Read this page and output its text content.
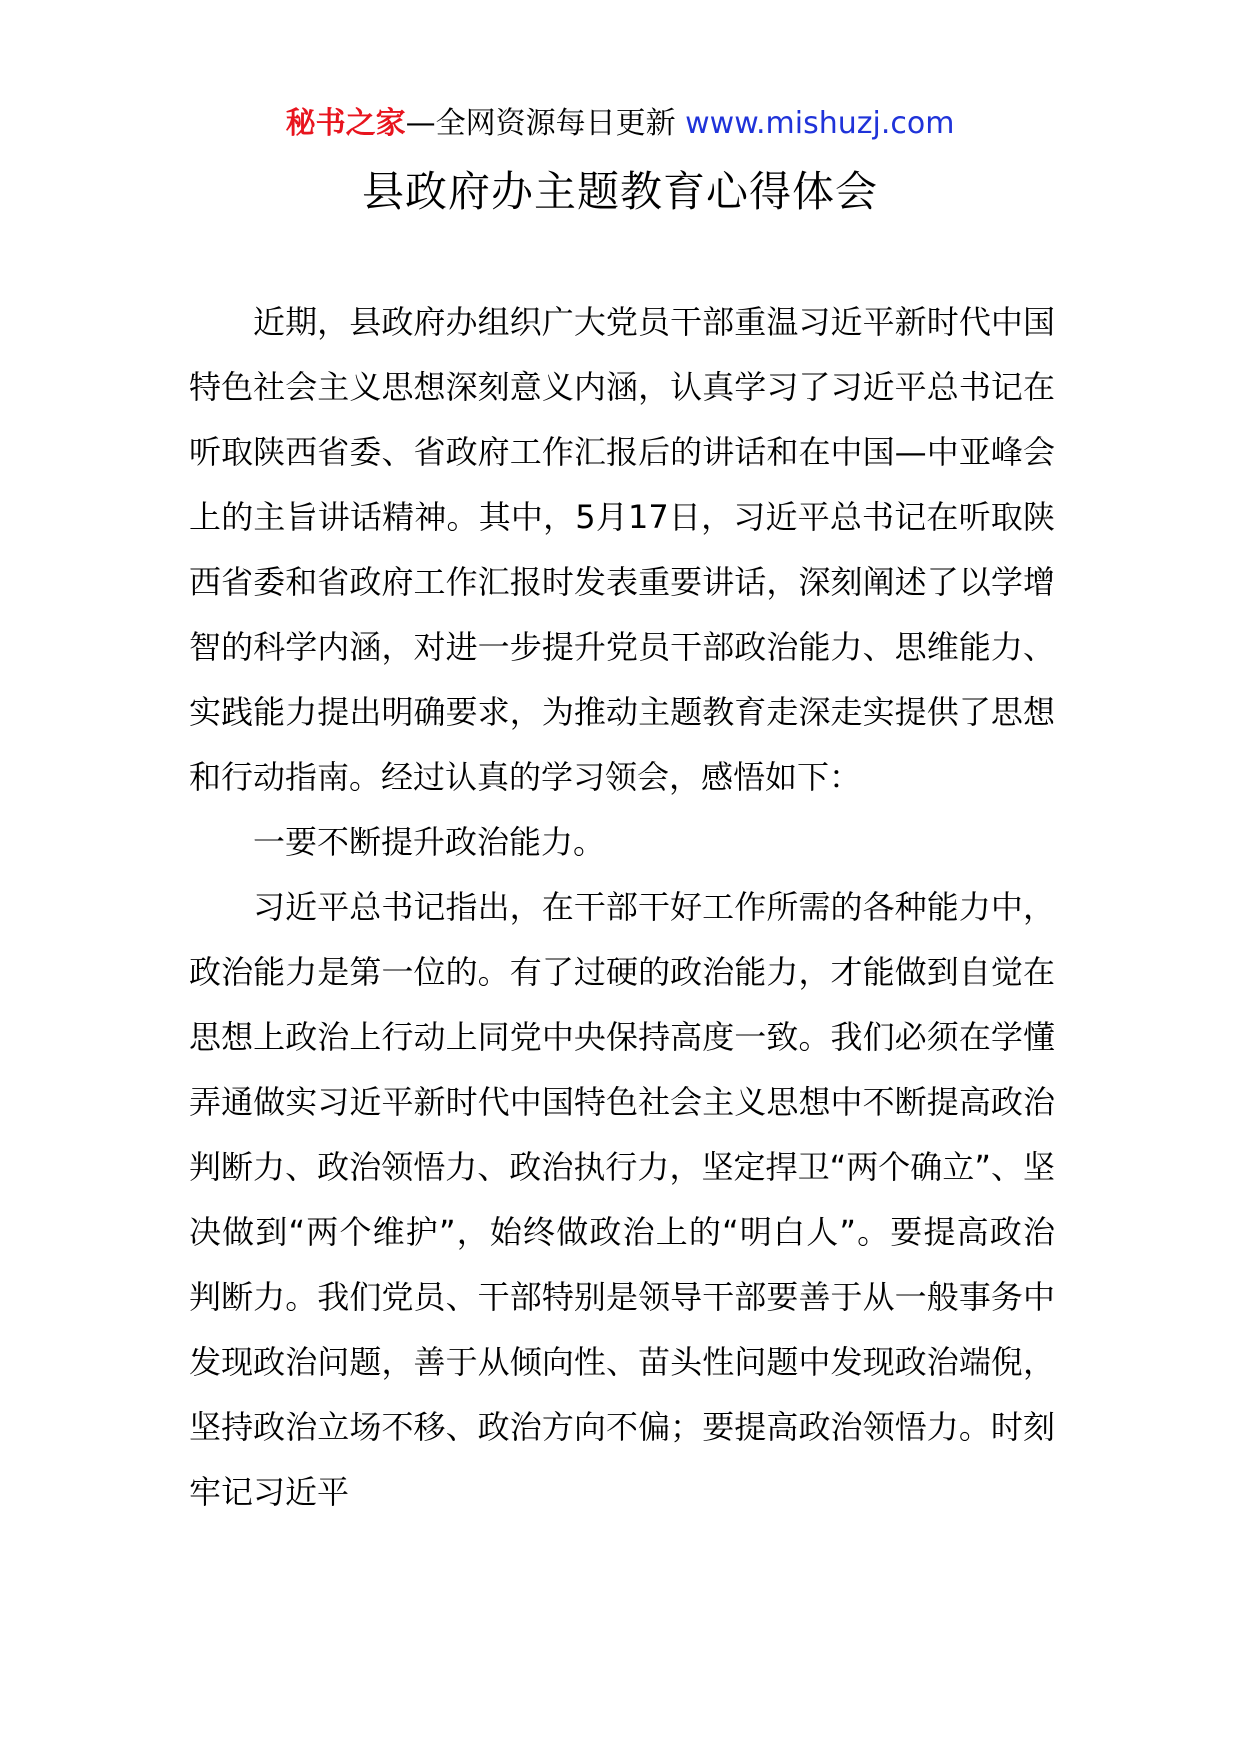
秘书之家—全网资源每日更新 www.mishuzj.com
县政府办主题教育心得体会

近期，县政府办组织广大党员干部重温习近平新时代中国特色社会主义思想深刻意义内涵，认真学习了习近平总书记在听取陕西省委、省政府工作汇报后的讲话和在中国—中亚峰会上的主旨讲话精神。其中，5月17日，习近平总书记在听取陕西省委和省政府工作汇报时发表重要讲话，深刻阐述了以学增智的科学内涵，对进一步提升党员干部政治能力、思维能力、实践能力提出明确要求，为推动主题教育走深走实提供了思想和行动指南。经过认真的学习领会，感悟如下：

一要不断提升政治能力。

习近平总书记指出，在干部干好工作所需的各种能力中，政治能力是第一位的。有了过硬的政治能力，才能做到自觉在思想上政治上行动上同党中央保持高度一致。我们必须在学懂弄通做实习近平新时代中国特色社会主义思想中不断提高政治判断力、政治领悟力、政治执行力，坚定捍卫“两个确立”、坚决做到“两个维护”，始终做政治上的“明白人”。要提高政治判断力。我们党员、干部特别是领导干部要善于从一般事务中发现政治问题，善于从倾向性、苗头性问题中发现政治端倪，坚持政治立场不移、政治方向不偏；要提高政治领悟力。时刻牢记习近平
